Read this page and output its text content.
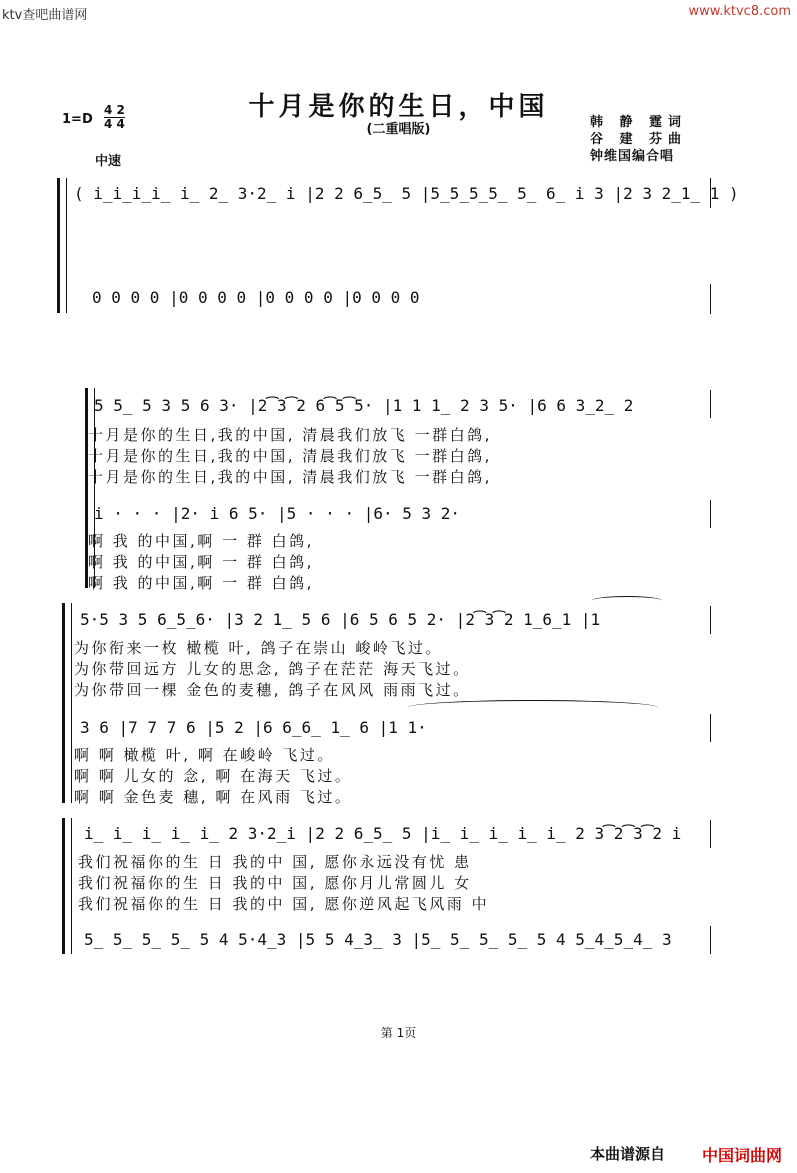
ktv查吧曲谱网	www.ktvc8.com
十月是你的生日，中国
(二重唱版)
1=D
4 2
4 4
中速
韩 静 霆词
谷 建 芬曲
钟维国编合唱
( i̲i̲i̲i̲ i̲ 2̲ 3·2̲ i |2 2 6̲5̲ 5 |5̲5̲5̲5̲ 5̲ 6̲ i 3 |2 3 2̲1̲ 1 )
0 0 0 0 |0 0 0 0 |0 0 0 0 |0 0 0 0
5 5̲ 5 3 5 6 3· |2͡3͡2 6͡5͡5· |1 1 1̲ 2 3 5· |6 6 3̲2̲ 2
十月是你的生日,我的中国, 清晨我们放飞 一群白鸽,
十月是你的生日,我的中国, 清晨我们放飞 一群白鸽,
十月是你的生日,我的中国, 清晨我们放飞 一群白鸽,
i · · · |2· i 6 5· |5 · · · |6· 5 3 2·
啊 我 的中国,啊 一 群 白鸽,
啊 我 的中国,啊 一 群 白鸽,
啊 我 的中国,啊 一 群 白鸽,
5·5 3 5 6̲5̲6· |3 2 1̲ 5 6 |6 5 6 5 2· |2͡3͡2 1̲6̲1 |1
为你衔来一枚 橄榄 叶, 鸽子在崇山 峻岭飞过。
为你带回远方 儿女的思念, 鸽子在茫茫 海天飞过。
为你带回一棵 金色的麦穗, 鸽子在风风 雨雨飞过。
3 6 |7 7 7 6 |5 2 |6 6̲6̲ 1̲ 6 |1 1·
啊 啊 橄榄 叶, 啊 在峻岭 飞过。
啊 啊 儿女的 念, 啊 在海天 飞过。
啊 啊 金色麦 穗, 啊 在风雨 飞过。
i̲ i̲ i̲ i̲ i̲ 2 3·2̲i |2 2 6̲5̲ 5 |i̲ i̲ i̲ i̲ i̲ 2 3͡2͡3͡2 i
我们祝福你的生 日 我的中 国, 愿你永远没有忧 患
我们祝福你的生 日 我的中 国, 愿你月儿常圆儿 女
我们祝福你的生 日 我的中 国, 愿你逆风起飞风雨 中
5̲ 5̲ 5̲ 5̲ 5 4 5·4̲3 |5 5 4̲3̲ 3 |5̲ 5̲ 5̲ 5̲ 5 4 5̲4̲5̲4̲ 3
第 1页
本曲谱源自 中国词曲网
